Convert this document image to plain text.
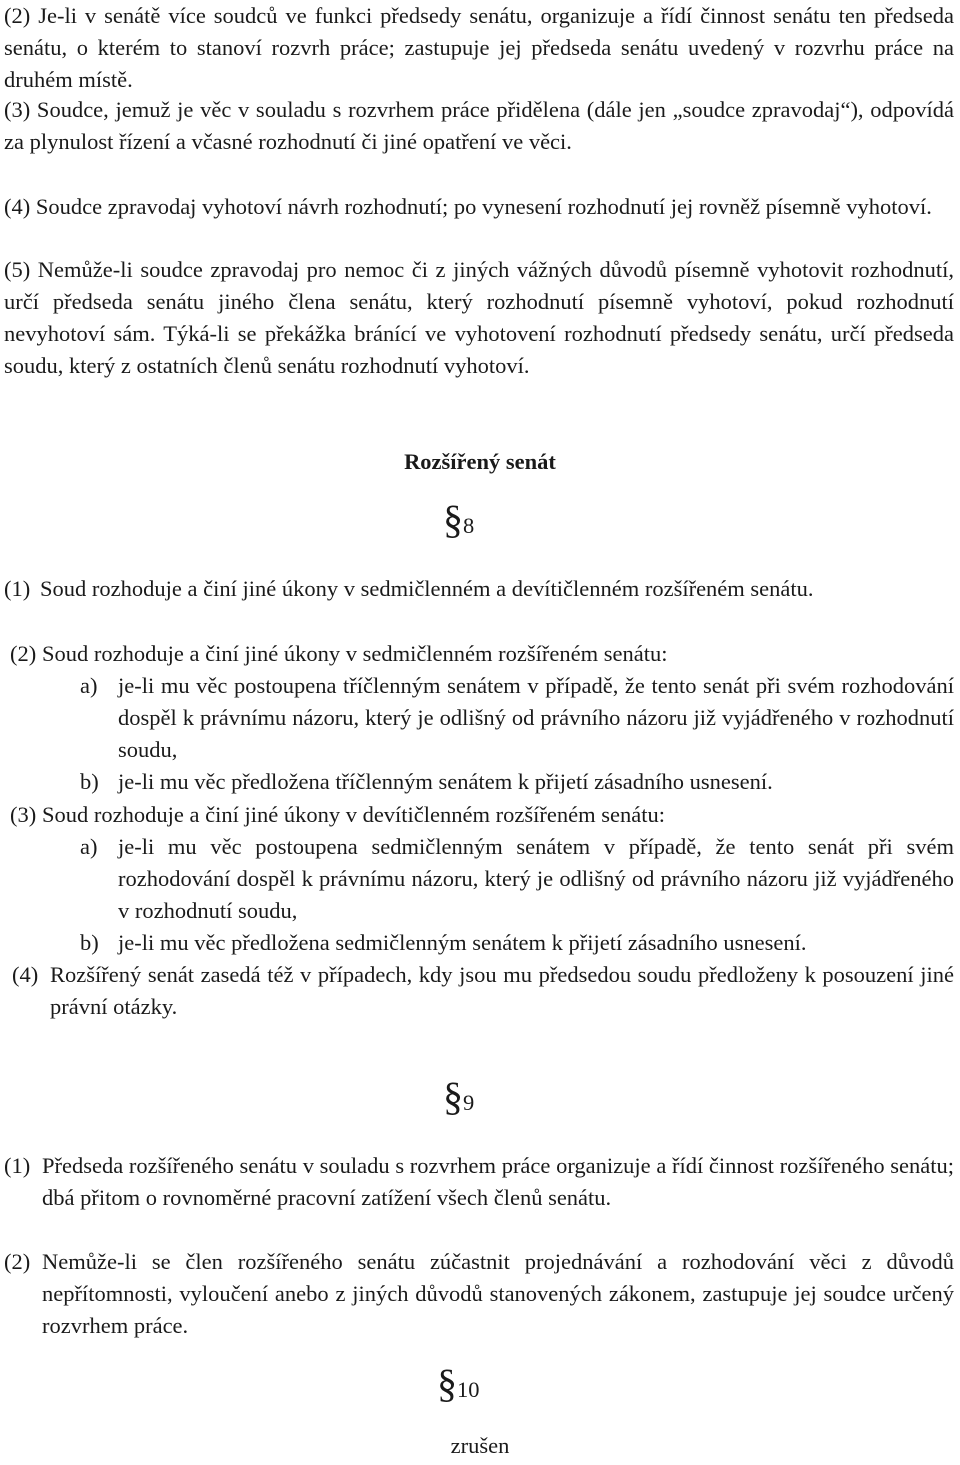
(2) Je-li v senátě více soudců ve funkci předsedy senátu, organizuje a řídí činnost senátu ten předseda senátu, o kterém to stanoví rozvrh práce; zastupuje jej předseda senátu uvedený v rozvrhu práce na druhém místě.
(3) Soudce, jemuž je věc v souladu s rozvrhem práce přidělena (dále jen „soudce zpravodaj“), odpovídá za plynulost řízení a včasné rozhodnutí či jiné opatření ve věci.
(4) Soudce zpravodaj vyhotoví návrh rozhodnutí; po vynesení rozhodnutí jej rovněž písemně vyhotoví.
(5) Nemůže-li soudce zpravodaj pro nemoc či z jiných vážných důvodů písemně vyhotovit rozhodnutí, určí předseda senátu jiného člena senátu, který rozhodnutí písemně vyhotoví, pokud rozhodnutí nevyhotoví sám. Týká-li se překážka bránící ve vyhotovení rozhodnutí předsedy senátu, určí předseda soudu, který z ostatních členů senátu rozhodnutí vyhotoví.
Rozšířený senát
§ 8
(1) Soud rozhoduje a činí jiné úkony v sedmičlenném a devítičlenném rozšířeném senátu.
(2) Soud rozhoduje a činí jiné úkony v sedmičlenném rozšířeném senátu:
a) je-li mu věc postoupena tříčlenným senátem v případě, že tento senát při svém rozhodování dospěl k právnímu názoru, který je odlišný od právního názoru již vyjádřeného v rozhodnutí soudu,
b) je-li mu věc předložena tříčlenným senátem k přijetí zásadního usnesení.
(3) Soud rozhoduje a činí jiné úkony v devítičlenném rozšířeném senátu:
a) je-li mu věc postoupena sedmičlenným senátem v případě, že tento senát při svém rozhodování dospěl k právnímu názoru, který je odlišný od právního názoru již vyjádřeného v rozhodnutí soudu,
b) je-li mu věc předložena sedmičlenným senátem k přijetí zásadního usnesení.
(4) Rozšířený senát zasedá též v případech, kdy jsou mu předsedou soudu předloženy k posouzení jiné právní otázky.
§ 9
(1) Předseda rozšířeného senátu v souladu s rozvrhem práce organizuje a řídí činnost rozšířeného senátu; dbá přitom o rovnoměrné pracovní zatížení všech členů senátu.
(2) Nemůže-li se člen rozšířeného senátu zúčastnit projednávání a rozhodování věci z důvodů nepřítomnosti, vyloučení anebo z jiných důvodů stanovených zákonem, zastupuje jej soudce určený rozvrhem práce.
§ 10
zrušen
